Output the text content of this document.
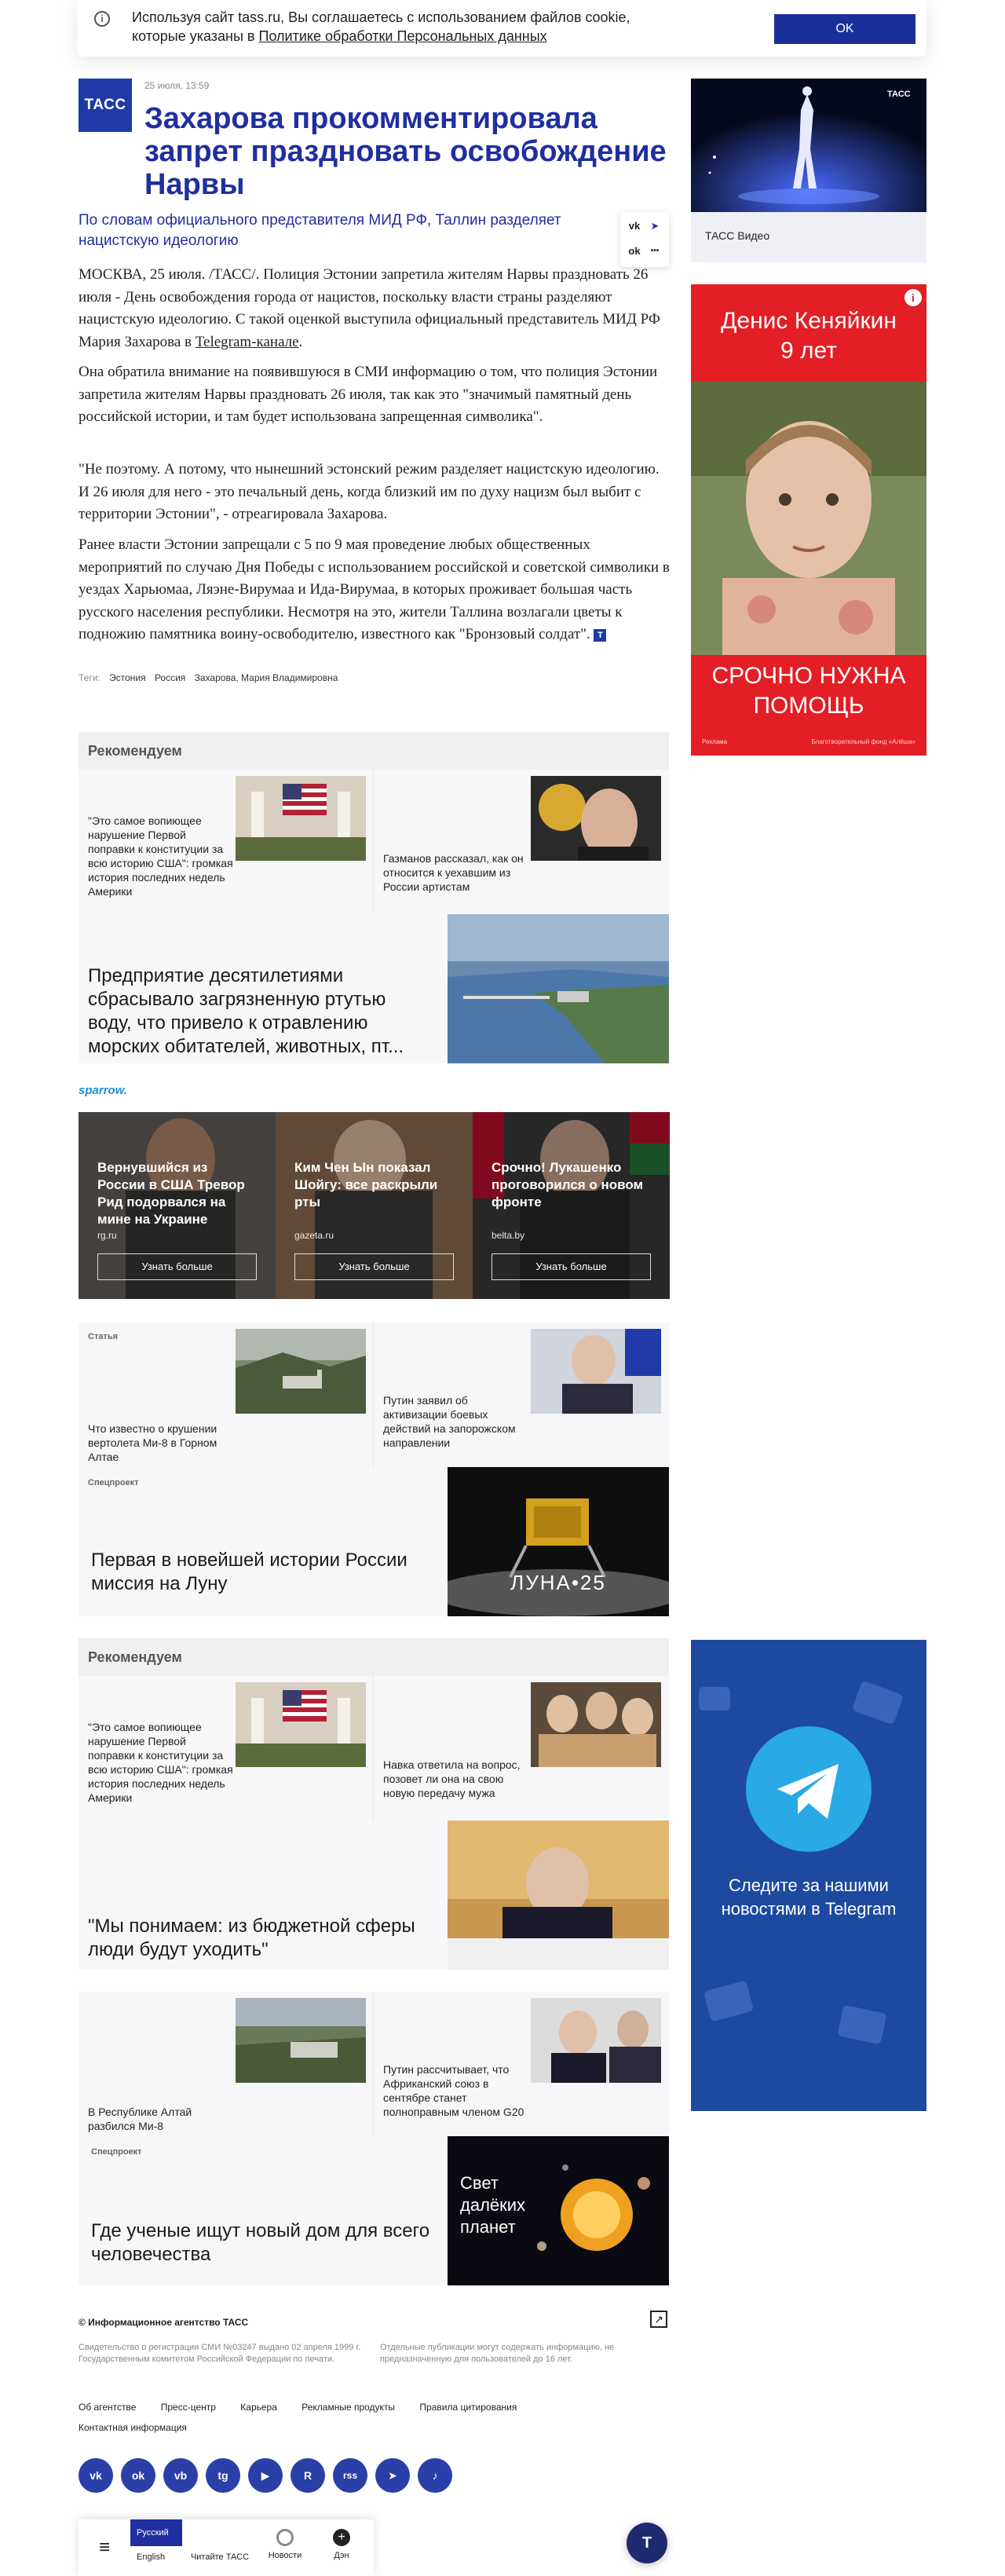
i	Используя сайт tass.ru, Вы соглашаетесь с использованием файлов cookie, которые указаны в Политике обработки Персональных данных	OK
ТАСС
25 июля, 13:59
Захарова прокомментировала запрет праздновать освобождение Нарвы
По словам официального представителя МИД РФ, Таллин разделяет нацистскую идеологию
vk	➤
ok	•••
МОСКВА, 25 июля. /ТАСС/. Полиция Эстонии запретила жителям Нарвы праздновать 26 июля - День освобождения города от нацистов, поскольку власти страны разделяют нацистскую идеологию. С такой оценкой выступила официальный представитель МИД РФ Мария Захарова в Telegram-канале.
Она обратила внимание на появившуюся в СМИ информацию о том, что полиция Эстонии запретила жителям Нарвы праздновать 26 июля, так как это "значимый памятный день российской истории, и там будет использована запрещенная символика".
"Не поэтому. А потому, что нынешний эстонский режим разделяет нацистскую идеологию. И 26 июля для него - это печальный день, когда близкий им по духу нацизм был выбит с территории Эстонии", - отреагировала Захарова.
Ранее власти Эстонии запрещали с 5 по 9 мая проведение любых общественных мероприятий по случаю Дня Победы с использованием российской и советской символики в уездах Харьюмаа, Ляэне-Вирумаа и Ида-Вирумаа, в которых проживает большая часть русского населения республики. Несмотря на это, жители Таллина возлагали цветы к подножию памятника воину-освободителю, известного как "Бронзовый солдат". T
Теги: Эстония Россия Захарова, Мария Владимировна
ТАСС
ТАСС Видео
Денис Кеняйкин
9 лет
СРОЧНО НУЖНА
ПОМОЩЬ
Реклама	Благотворительный фонд «Алёша»
i
Рекомендуем
"Это самое вопиющее нарушение Первой поправки к конституции за всю историю США": громкая история последних недель Америки
Газманов рассказал, как он относится к уехавшим из России артистам
Предприятие десятилетиями сбрасывало загрязненную ртутью воду, что привело к отравлению морских обитателей, животных, пт...
sparrow.
Вернувшийся из России в США Тревор Рид подорвался на мине на Украине
rg.ru
Узнать больше
Ким Чен Ын показал Шойгу: все раскрыли рты
gazeta.ru
Узнать больше
Срочно! Лукашенко проговорился о новом фронте
belta.by
Узнать больше
Статья
Что известно о крушении вертолета Ми-8 в Горном Алтае
Путин заявил об активизации боевых действий на запорожском направлении
Спецпроект
ЛУНА•25
Первая в новейшей истории России миссия на Луну
Рекомендуем
"Это самое вопиющее нарушение Первой поправки к конституции за всю историю США": громкая история последних недель Америки
Навка ответила на вопрос, позовет ли она на свою новую передачу мужа
"Мы понимаем: из бюджетной сферы люди будут уходить"
В Республике Алтай разбился Ми-8
Путин рассчитывает, что Африканский союз в сентябре станет полноправным членом G20
Спецпроект
Свет
далёких
планет
Где ученые ищут новый дом для всего человечества
Следите за нашими новостями в Telegram
© Информационное агентство ТАСС	↗
Свидетельство о регистрации СМИ №03247 выдано 02 апреля 1999 г. Государственным комитетом Российской Федерации по печати.
Отдельные публикации могут содержать информацию, не предназначенную для пользователей до 16 лет.
Об агентстве	Пресс-центр	Карьера	Рекламные продукты	Правила цитирования
Контактная информация
vk	ok	vb	tg	▶	R	rss	➤	♪
≡
Русский
English	Читайте ТАСС	Новости
+
Дэн
T
